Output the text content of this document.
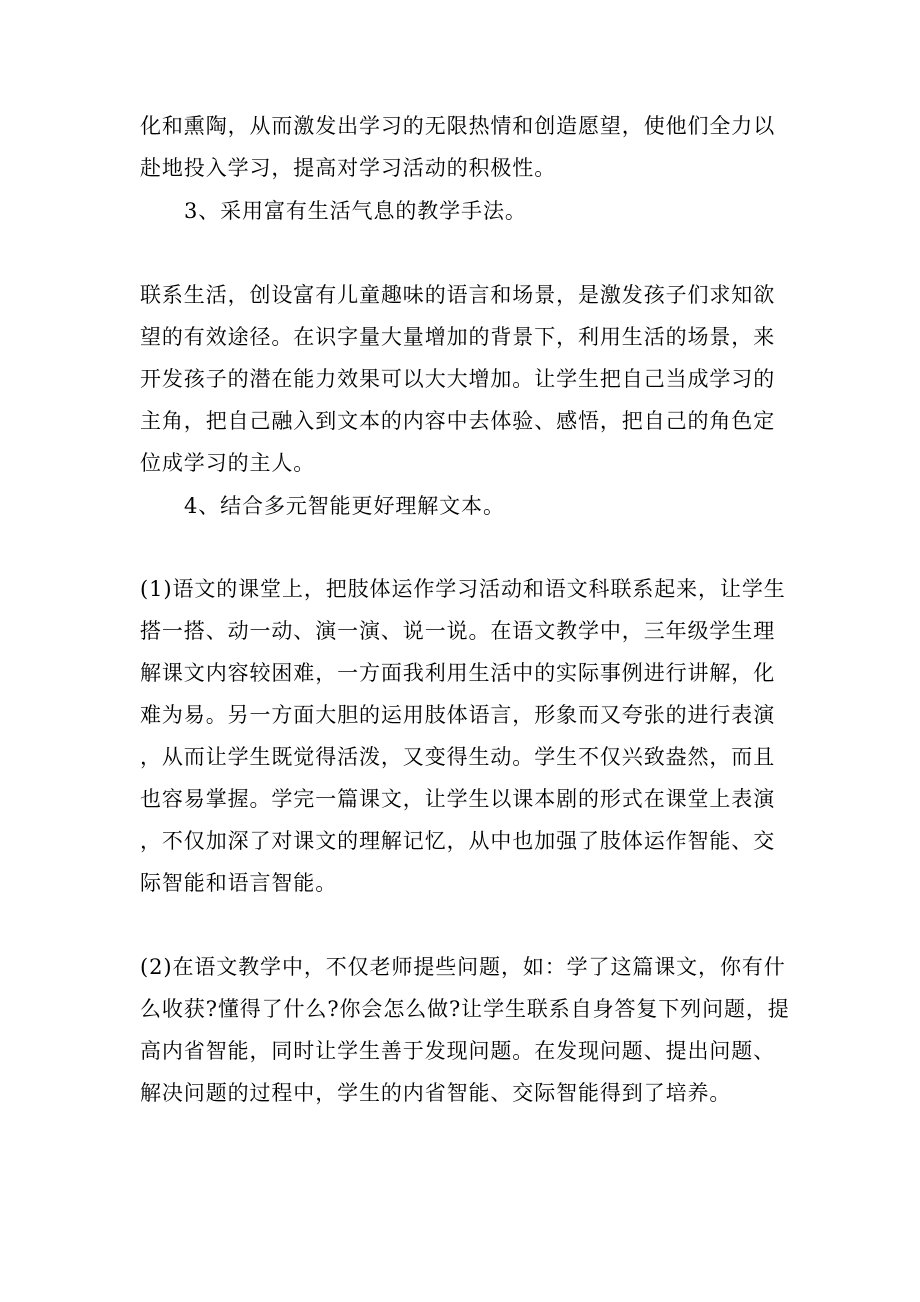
化和熏陶，从而激发出学习的无限热情和创造愿望，使他们全力以
赴地投入学习，提高对学习活动的积极性。
3、采用富有生活气息的教学手法。
联系生活，创设富有儿童趣味的语言和场景，是激发孩子们求知欲
望的有效途径。在识字量大量增加的背景下，利用生活的场景，来
开发孩子的潜在能力效果可以大大增加。让学生把自己当成学习的
主角，把自己融入到文本的内容中去体验、感悟，把自己的角色定
位成学习的主人。
4、结合多元智能更好理解文本。
(1)语文的课堂上，把肢体运作学习活动和语文科联系起来，让学生
搭一搭、动一动、演一演、说一说。在语文教学中，三年级学生理
解课文内容较困难，一方面我利用生活中的实际事例进行讲解，化
难为易。另一方面大胆的运用肢体语言，形象而又夸张的进行表演
，从而让学生既觉得活泼，又变得生动。学生不仅兴致盎然，而且
也容易掌握。学完一篇课文，让学生以课本剧的形式在课堂上表演
，不仅加深了对课文的理解记忆，从中也加强了肢体运作智能、交
际智能和语言智能。
(2)在语文教学中，不仅老师提些问题，如：学了这篇课文，你有什
么收获?懂得了什么?你会怎么做?让学生联系自身答复下列问题，提
高内省智能，同时让学生善于发现问题。在发现问题、提出问题、
解决问题的过程中，学生的内省智能、交际智能得到了培养。
